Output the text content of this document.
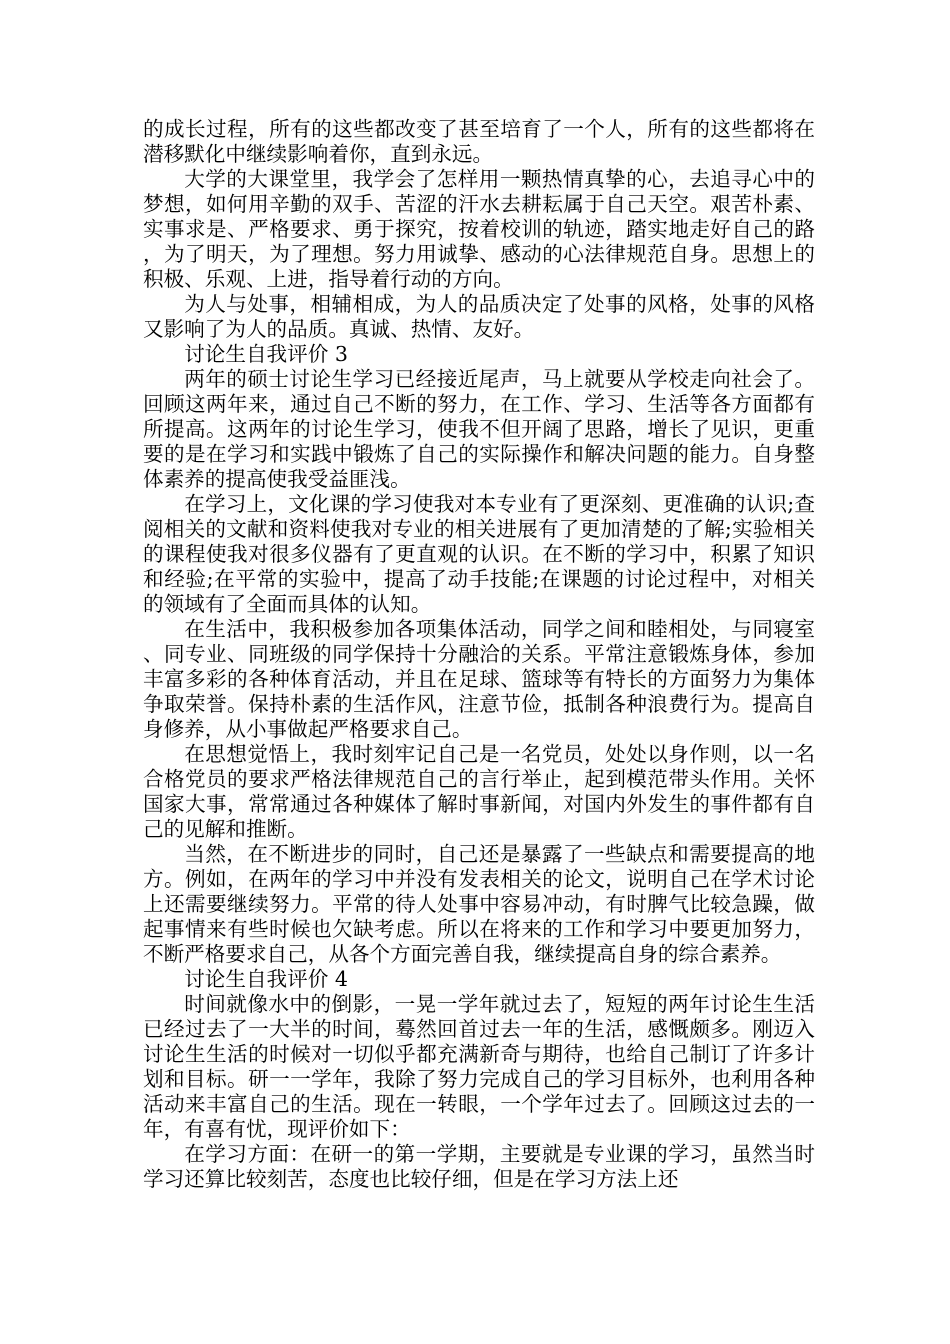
的成长过程，所有的这些都改变了甚至培育了一个人，所有的这些都将在潜移默化中继续影响着你，直到永远。

大学的大课堂里，我学会了怎样用一颗热情真挚的心，去追寻心中的梦想，如何用辛勤的双手、苦涩的汗水去耕耘属于自己天空。艰苦朴素、实事求是、严格要求、勇于探究，按着校训的轨迹，踏实地走好自己的路，为了明天，为了理想。努力用诚挚、感动的心法律规范自身。思想上的积极、乐观、上进，指导着行动的方向。

为人与处事，相辅相成，为人的品质决定了处事的风格，处事的风格又影响了为人的品质。真诚、热情、友好。

讨论生自我评价 3

两年的硕士讨论生学习已经接近尾声，马上就要从学校走向社会了。回顾这两年来，通过自己不断的努力，在工作、学习、生活等各方面都有所提高。这两年的讨论生学习，使我不但开阔了思路，增长了见识，更重要的是在学习和实践中锻炼了自己的实际操作和解决问题的能力。自身整体素养的提高使我受益匪浅。

在学习上，文化课的学习使我对本专业有了更深刻、更准确的认识;查阅相关的文献和资料使我对专业的相关进展有了更加清楚的了解;实验相关的课程使我对很多仪器有了更直观的认识。在不断的学习中，积累了知识和经验;在平常的实验中，提高了动手技能;在课题的讨论过程中，对相关的领域有了全面而具体的认知。

在生活中，我积极参加各项集体活动，同学之间和睦相处，与同寝室、同专业、同班级的同学保持十分融洽的关系。平常注意锻炼身体，参加丰富多彩的各种体育活动，并且在足球、篮球等有特长的方面努力为集体争取荣誉。保持朴素的生活作风，注意节俭，抵制各种浪费行为。提高自身修养，从小事做起严格要求自己。

在思想觉悟上，我时刻牢记自己是一名党员，处处以身作则，以一名合格党员的要求严格法律规范自己的言行举止，起到模范带头作用。关怀国家大事，常常通过各种媒体了解时事新闻，对国内外发生的事件都有自己的见解和推断。

当然，在不断进步的同时，自己还是暴露了一些缺点和需要提高的地方。例如，在两年的学习中并没有发表相关的论文，说明自己在学术讨论上还需要继续努力。平常的待人处事中容易冲动，有时脾气比较急躁，做起事情来有些时候也欠缺考虑。所以在将来的工作和学习中要更加努力，不断严格要求自己，从各个方面完善自我，继续提高自身的综合素养。

讨论生自我评价 4

时间就像水中的倒影，一晃一学年就过去了，短短的两年讨论生生活已经过去了一大半的时间，蓦然回首过去一年的生活，感慨颇多。刚迈入讨论生生活的时候对一切似乎都充满新奇与期待，也给自己制订了许多计划和目标。研一一学年，我除了努力完成自己的学习目标外，也利用各种活动来丰富自己的生活。现在一转眼，一个学年过去了。回顾这过去的一年，有喜有忧，现评价如下：

在学习方面：在研一的第一学期，主要就是专业课的学习，虽然当时学习还算比较刻苦，态度也比较仔细，但是在学习方法上还
